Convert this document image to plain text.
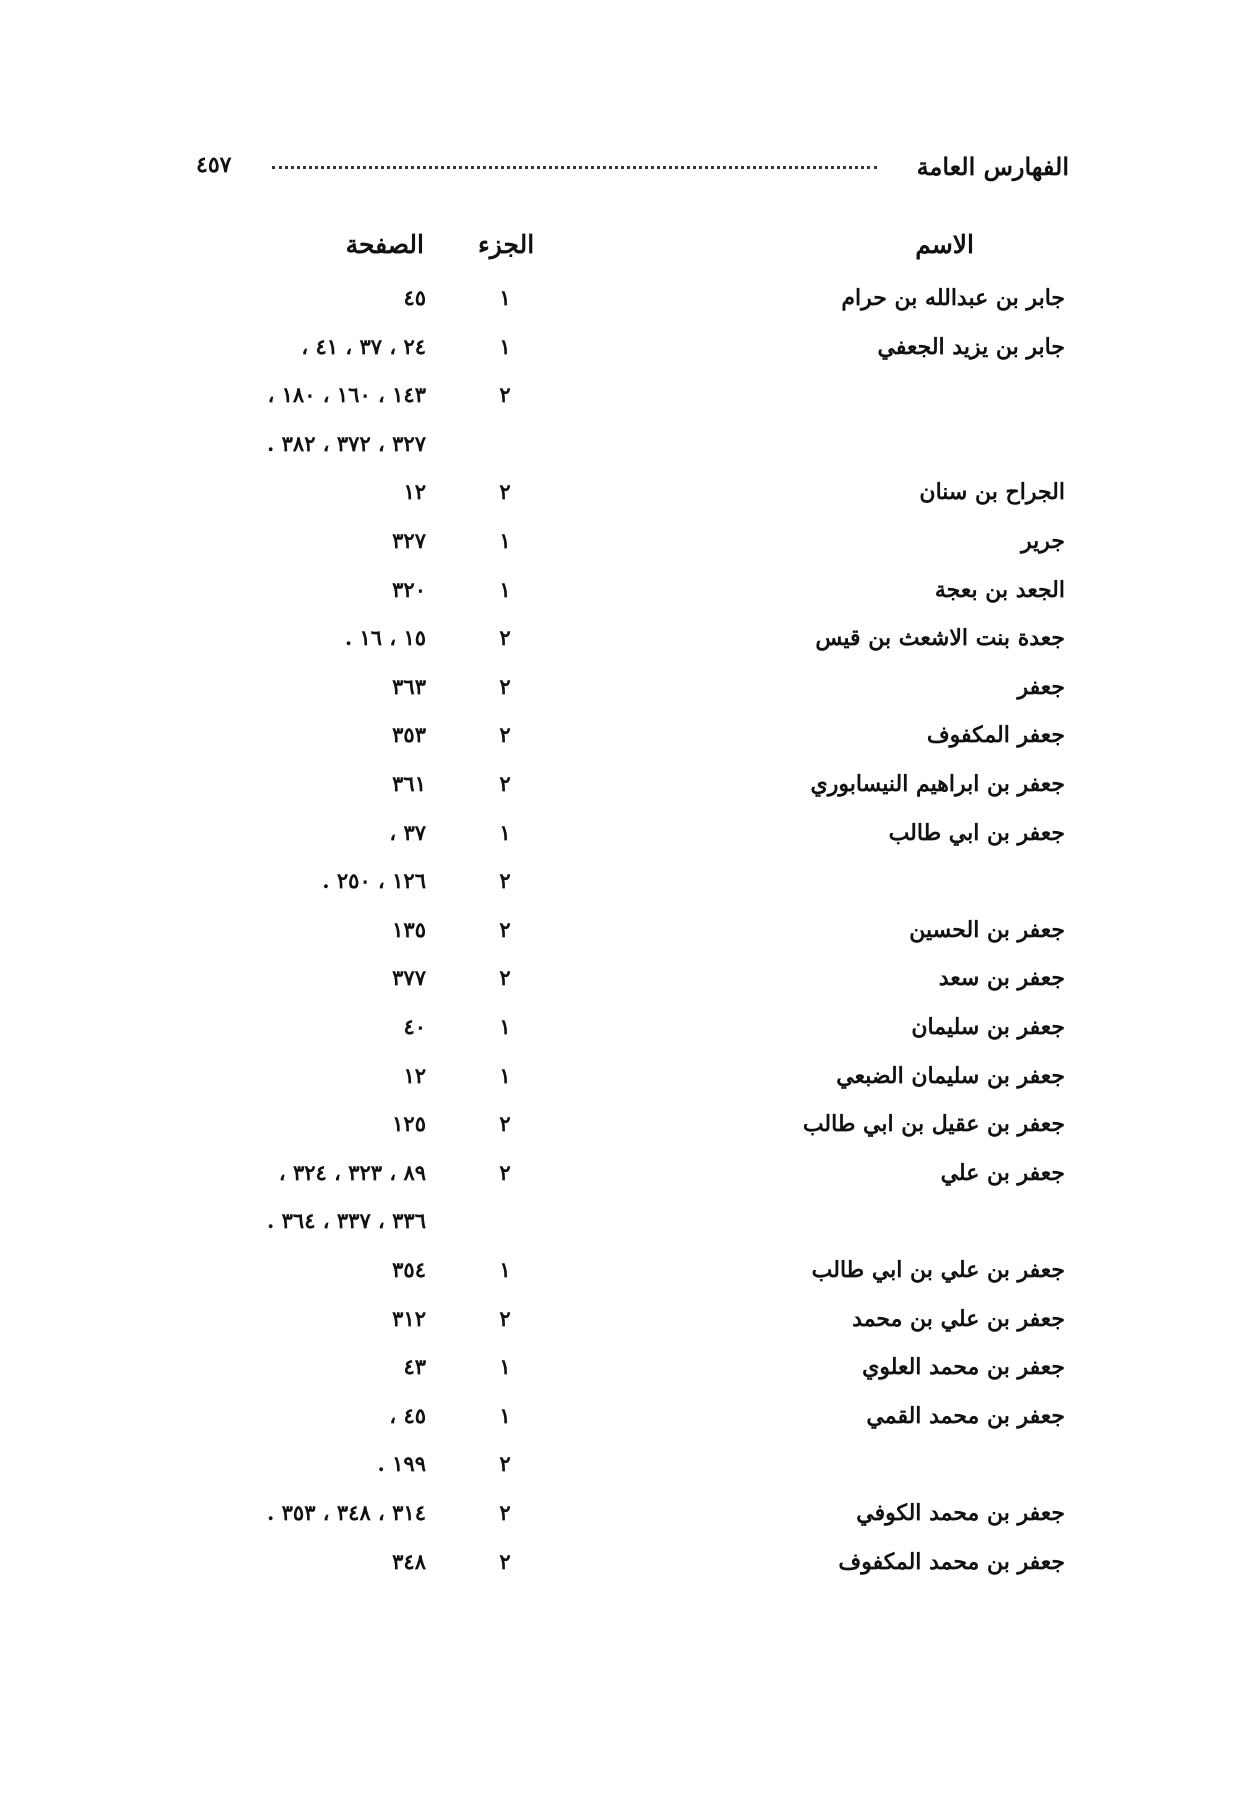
الفهارس العامة
٤٥٧
الاسم
الجزء
الصفحة
جابر بن عبدالله بن حرام
١
٤٥
جابر بن يزيد الجعفي
١
٢٤ ، ٣٧ ، ٤١ ،
٢
١٤٣ ، ١٦٠ ، ١٨٠ ،
٣٢٧ ، ٣٧٢ ، ٣٨٢ .
الجراح بن سنان
٢
١٢
جرير
١
٣٢٧
الجعد بن بعجة
١
٣٢٠
جعدة بنت الاشعث بن قيس
٢
١٥ ، ١٦ .
جعفر
٢
٣٦٣
جعفر المكفوف
٢
٣٥٣
جعفر بن ابراهيم النيسابوري
٢
٣٦١
جعفر بن ابي طالب
١
٣٧ ،
٢
١٢٦ ، ٢٥٠ .
جعفر بن الحسين
٢
١٣٥
جعفر بن سعد
٢
٣٧٧
جعفر بن سليمان
١
٤٠
جعفر بن سليمان الضبعي
١
١٢
جعفر بن عقيل بن ابي طالب
٢
١٢٥
جعفر بن علي
٢
٨٩ ، ٣٢٣ ، ٣٢٤ ،
٣٣٦ ، ٣٣٧ ، ٣٦٤ .
جعفر بن علي بن ابي طالب
١
٣٥٤
جعفر بن علي بن محمد
٢
٣١٢
جعفر بن محمد العلوي
١
٤٣
جعفر بن محمد القمي
١
٤٥ ،
٢
١٩٩ .
جعفر بن محمد الكوفي
٢
٣١٤ ، ٣٤٨ ، ٣٥٣ .
جعفر بن محمد المكفوف
٢
٣٤٨
